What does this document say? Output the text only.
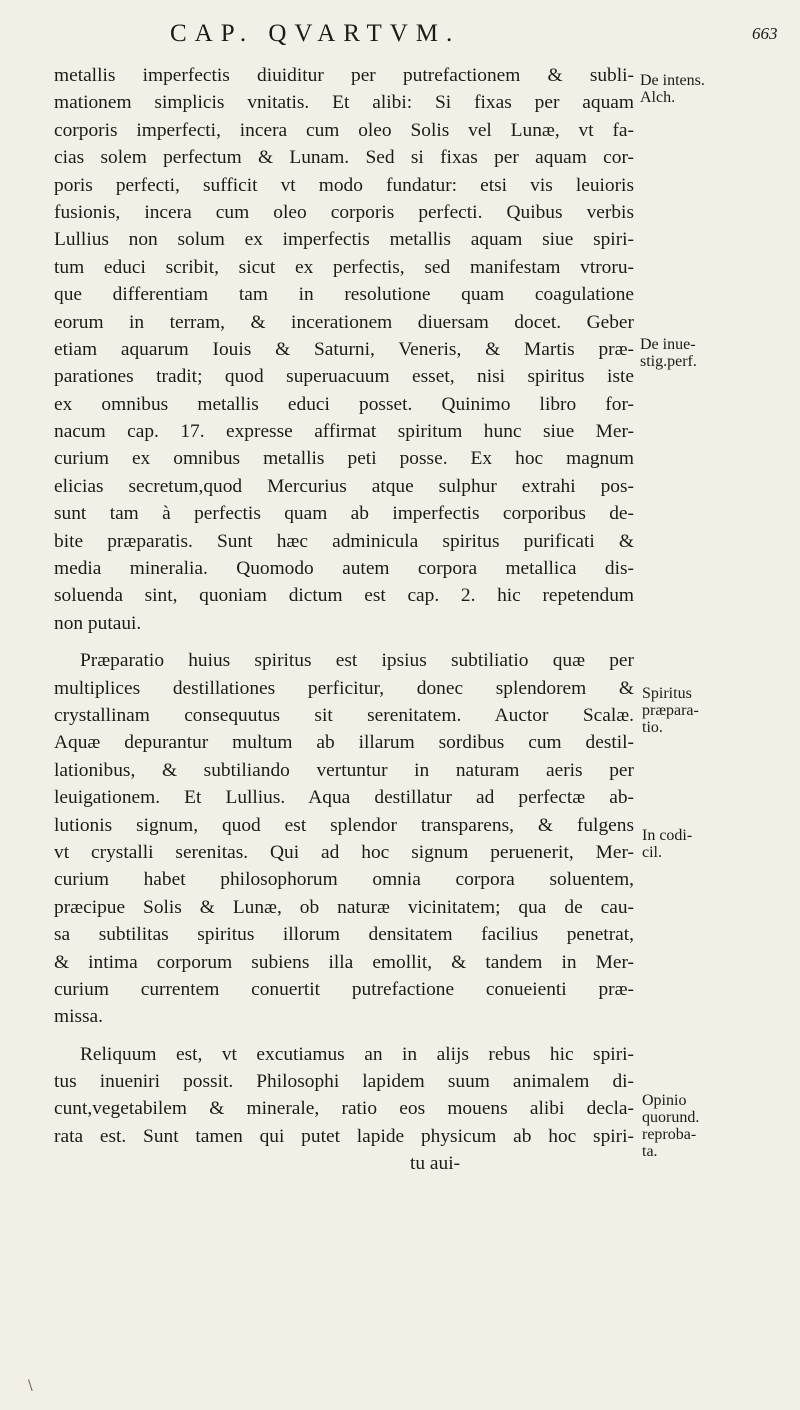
CAP. QVARTVM.	663
metallis imperfectis diuiditur per putrefactionem & subli-
mationem simplicis vnitatis. Et alibi: Si fixas per aquam
corporis imperfecti, incera cum oleo Solis vel Lunæ, vt fa-
cias solem perfectum & Lunam. Sed si fixas per aquam cor-
poris perfecti, sufficit vt modo fundatur: etsi vis leuioris
fusionis, incera cum oleo corporis perfecti. Quibus verbis
Lullius non solum ex imperfectis metallis aquam siue spiri-
tum educi scribit, sicut ex perfectis, sed manifestam vtroru-
que differentiam tam in resolutione quam coagulatione
eorum in terram, & incerationem diuersam docet. Geber
etiam aquarum Iouis & Saturni, Veneris, & Martis præ-
parationes tradit; quod superuacuum esset, nisi spiritus iste
ex omnibus metallis educi posset. Quinimo libro for-
nacum cap. 17. expresse affirmat spiritum hunc siue Mer-
curium ex omnibus metallis peti posse. Ex hoc magnum
elicias secretum,quod Mercurius atque sulphur extrahi pos-
sunt tam à perfectis quam ab imperfectis corporibus de-
bite præparatis. Sunt hæc adminicula spiritus purificati &
media mineralia. Quomodo autem corpora metallica dis-
soluenda sint, quoniam dictum est cap. 2. hic repetendum
non putaui.
Præparatio huius spiritus est ipsius subtiliatio quæ per
multiplices destillationes perficitur, donec splendorem &
crystallinam consequutus sit serenitatem. Auctor Scalæ.
Aquæ depurantur multum ab illarum sordibus cum destil-
lationibus, & subtiliando vertuntur in naturam aeris per
leuigationem. Et Lullius. Aqua destillatur ad perfectæ ab-
lutionis signum, quod est splendor transparens, & fulgens
vt crystalli serenitas. Qui ad hoc signum peruenerit, Mer-
curium habet philosophorum omnia corpora soluentem,
præcipue Solis & Lunæ, ob naturæ vicinitatem; qua de cau-
sa subtilitas spiritus illorum densitatem facilius penetrat,
& intima corporum subiens illa emollit, & tandem in Mer-
curium currentem conuertit putrefactione conueienti præ-
missa.
Reliquum est, vt excutiamus an in alijs rebus hic spiri-
tus inueniri possit. Philosophi lapidem suum animalem di-
cunt,vegetabilem & minerale, ratio eos mouens alibi decla-
rata est. Sunt tamen qui putet lapide physicum ab hoc spiri-
tu aui-
De intens.
Alch.
De inue-
stig.perf.
Spiritus
præpara-
tio.
In codi-
cil.
Opinio
quorund.
reproba-
ta.
\
